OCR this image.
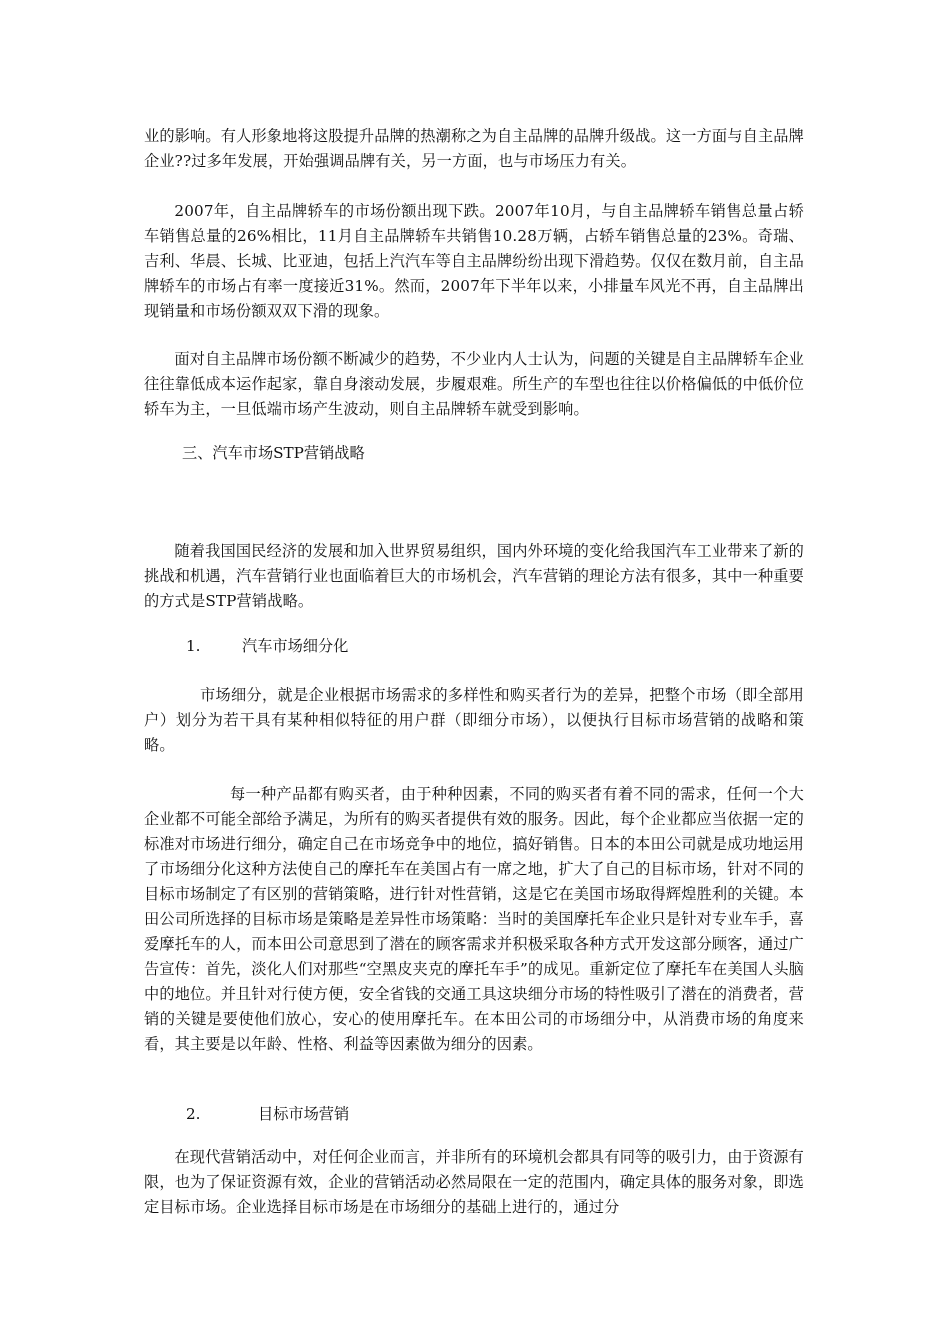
业的影响。有人形象地将这股提升品牌的热潮称之为自主品牌的品牌升级战。这一方面与自主品牌企业??过多年发展，开始强调品牌有关，另一方面，也与市场压力有关。

2007年，自主品牌轿车的市场份额出现下跌。2007年10月，与自主品牌轿车销售总量占轿车销售总量的26%相比，11月自主品牌轿车共销售10.28万辆，占轿车销售总量的23%。奇瑞、吉利、华晨、长城、比亚迪，包括上汽汽车等自主品牌纷纷出现下滑趋势。仅仅在数月前，自主品牌轿车的市场占有率一度接近31%。然而，2007年下半年以来，小排量车风光不再，自主品牌出现销量和市场份额双双下滑的现象。

面对自主品牌市场份额不断减少的趋势，不少业内人士认为，问题的关键是自主品牌轿车企业往往靠低成本运作起家，靠自身滚动发展，步履艰难。所生产的车型也往往以价格偏低的中低价位轿车为主，一旦低端市场产生波动，则自主品牌轿车就受到影响。

三、汽车市场STP营销战略

随着我国国民经济的发展和加入世界贸易组织，国内外环境的变化给我国汽车工业带来了新的挑战和机遇，汽车营销行业也面临着巨大的市场机会，汽车营销的理论方法有很多，其中一种重要的方式是STP营销战略。

1.	汽车市场细分化

市场细分，就是企业根据市场需求的多样性和购买者行为的差异，把整个市场（即全部用户）划分为若干具有某种相似特征的用户群（即细分市场），以便执行目标市场营销的战略和策略。

每一种产品都有购买者，由于种种因素，不同的购买者有着不同的需求，任何一个大企业都不可能全部给予满足，为所有的购买者提供有效的服务。因此，每个企业都应当依据一定的标准对市场进行细分，确定自己在市场竞争中的地位，搞好销售。日本的本田公司就是成功地运用了市场细分化这种方法使自己的摩托车在美国占有一席之地，扩大了自己的目标市场，针对不同的目标市场制定了有区别的营销策略，进行针对性营销，这是它在美国市场取得辉煌胜利的关键。本田公司所选择的目标市场是策略是差异性市场策略：当时的美国摩托车企业只是针对专业车手，喜爱摩托车的人，而本田公司意思到了潜在的顾客需求并积极采取各种方式开发这部分顾客，通过广告宣传：首先，淡化人们对那些“空黑皮夹克的摩托车手”的成见。重新定位了摩托车在美国人头脑中的地位。并且针对行使方便，安全省钱的交通工具这块细分市场的特性吸引了潜在的消费者，营销的关键是要使他们放心，安心的使用摩托车。在本田公司的市场细分中，从消费市场的角度来看，其主要是以年龄、性格、利益等因素做为细分的因素。

2.	目标市场营销

在现代营销活动中，对任何企业而言，并非所有的环境机会都具有同等的吸引力，由于资源有限，也为了保证资源有效，企业的营销活动必然局限在一定的范围内，确定具体的服务对象，即选定目标市场。企业选择目标市场是在市场细分的基础上进行的，通过分
